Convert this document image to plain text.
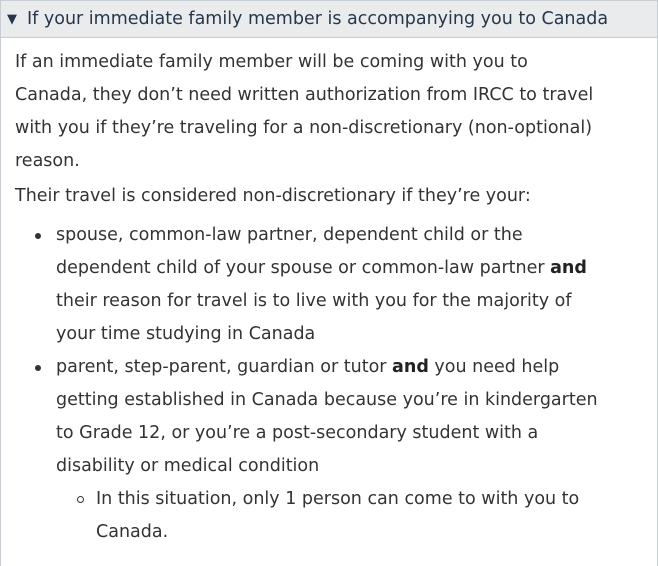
▼ If your immediate family member is accompanying you to Canada

If an immediate family member will be coming with you to
Canada, they don’t need written authorization from IRCC to travel
with you if they’re traveling for a non-discretionary (non-optional)
reason.

Their travel is considered non-discretionary if they’re your:

spouse, common-law partner, dependent child or the
dependent child of your spouse or common-law partner and
their reason for travel is to live with you for the majority of
your time studying in Canada
parent, step-parent, guardian or tutor and you need help
getting established in Canada because you’re in kindergarten
to Grade 12, or you’re a post-secondary student with a
disability or medical condition
In this situation, only 1 person can come to with you to
Canada.
